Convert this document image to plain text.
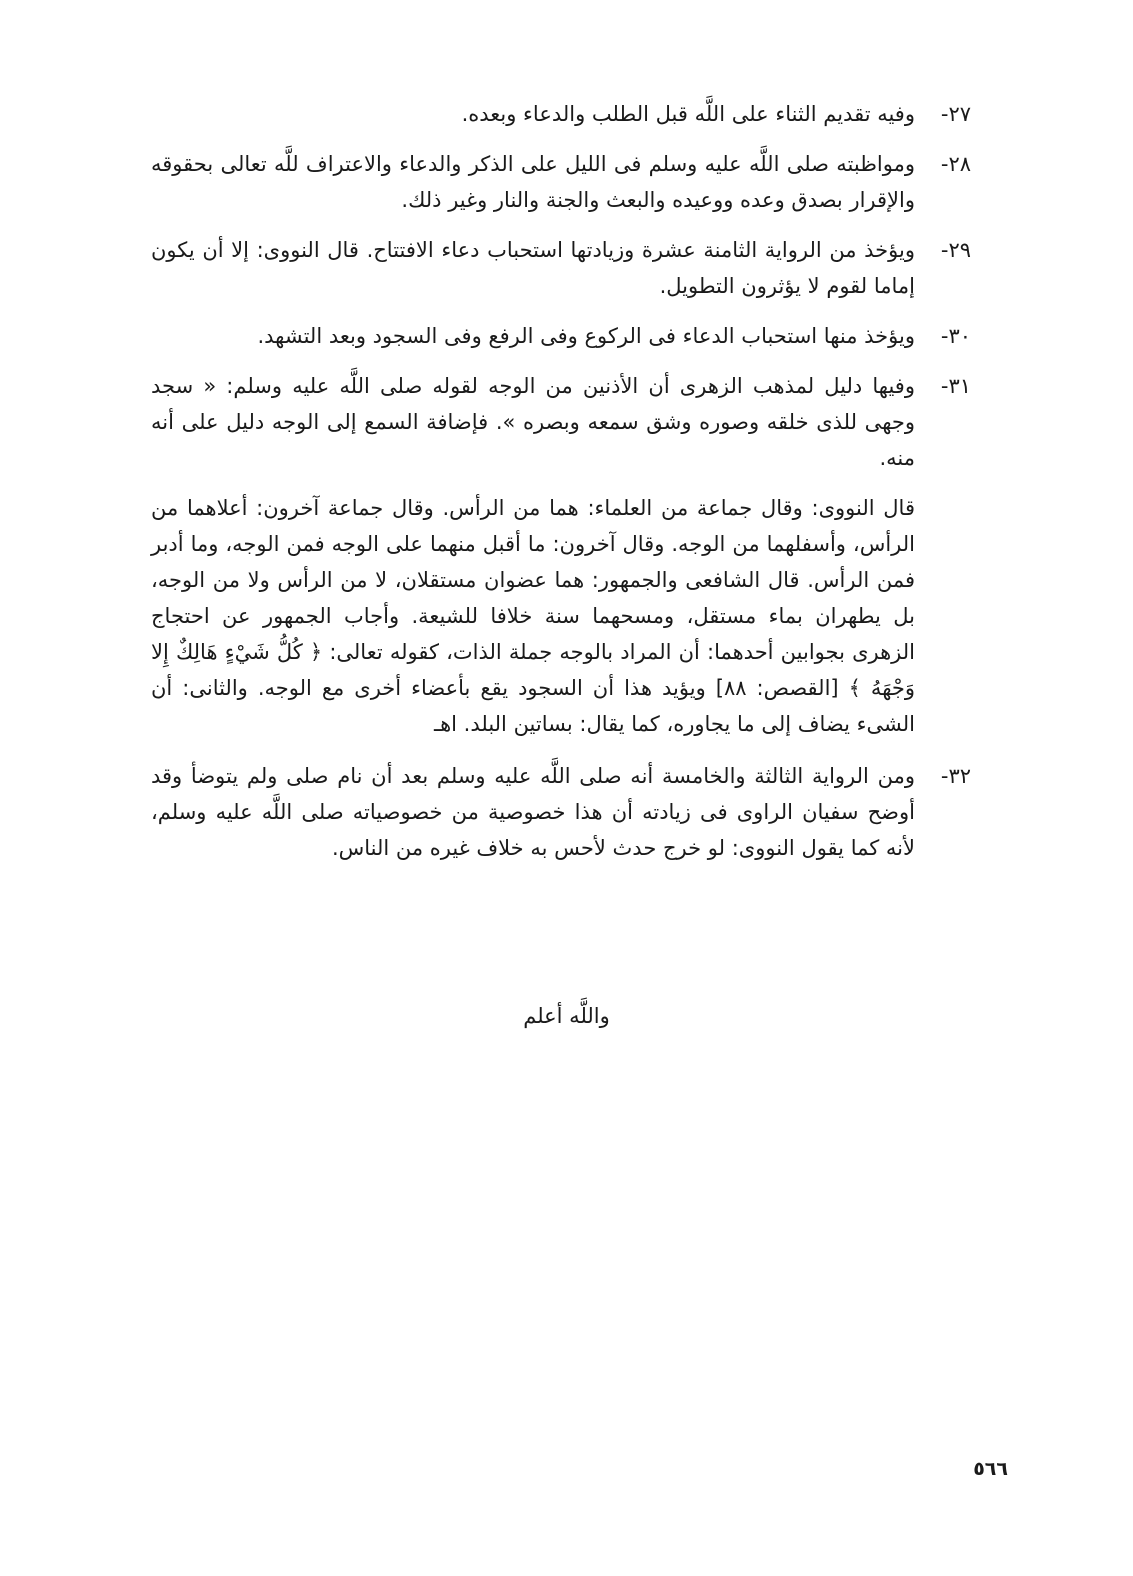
٢٧-
وفيه تقديم الثناء على اللَّه قبل الطلب والدعاء وبعده.
٢٨-
ومواظبته صلى اللَّه عليه وسلم فى الليل على الذكر والدعاء والاعتراف للَّه تعالى بحقوقه والإقرار بصدق وعده ووعيده والبعث والجنة والنار وغير ذلك.
٢٩-
ويؤخذ من الرواية الثامنة عشرة وزيادتها استحباب دعاء الافتتاح. قال النووى: إلا أن يكون إماما لقوم لا يؤثرون التطويل.
٣٠-
ويؤخذ منها استحباب الدعاء فى الركوع وفى الرفع وفى السجود وبعد التشهد.
٣١-
وفيها دليل لمذهب الزهرى أن الأذنين من الوجه لقوله صلى اللَّه عليه وسلم: « سجد وجهى للذى خلقه وصوره وشق سمعه وبصره ». فإضافة السمع إلى الوجه دليل على أنه منه.
قال النووى: وقال جماعة من العلماء: هما من الرأس. وقال جماعة آخرون: أعلاهما من الرأس، وأسفلهما من الوجه. وقال آخرون: ما أقبل منهما على الوجه فمن الوجه، وما أدبر فمن الرأس. قال الشافعى والجمهور: هما عضوان مستقلان، لا من الرأس ولا من الوجه، بل يطهران بماء مستقل، ومسحهما سنة خلافا للشيعة. وأجاب الجمهور عن احتجاج الزهرى بجوابين أحدهما: أن المراد بالوجه جملة الذات، كقوله تعالى: ﴿ كُلُّ شَيْءٍ هَالِكٌ إِلا وَجْهَهُ ﴾ [القصص: ٨٨] ويؤيد هذا أن السجود يقع بأعضاء أخرى مع الوجه. والثانى: أن الشىء يضاف إلى ما يجاوره، كما يقال: بساتين البلد. اهـ
٣٢-
ومن الرواية الثالثة والخامسة أنه صلى اللَّه عليه وسلم بعد أن نام صلى ولم يتوضأ وقد أوضح سفيان الراوى فى زيادته أن هذا خصوصية من خصوصياته صلى اللَّه عليه وسلم، لأنه كما يقول النووى: لو خرج حدث لأحس به خلاف غيره من الناس.
واللَّه أعلم
٥٦٦
